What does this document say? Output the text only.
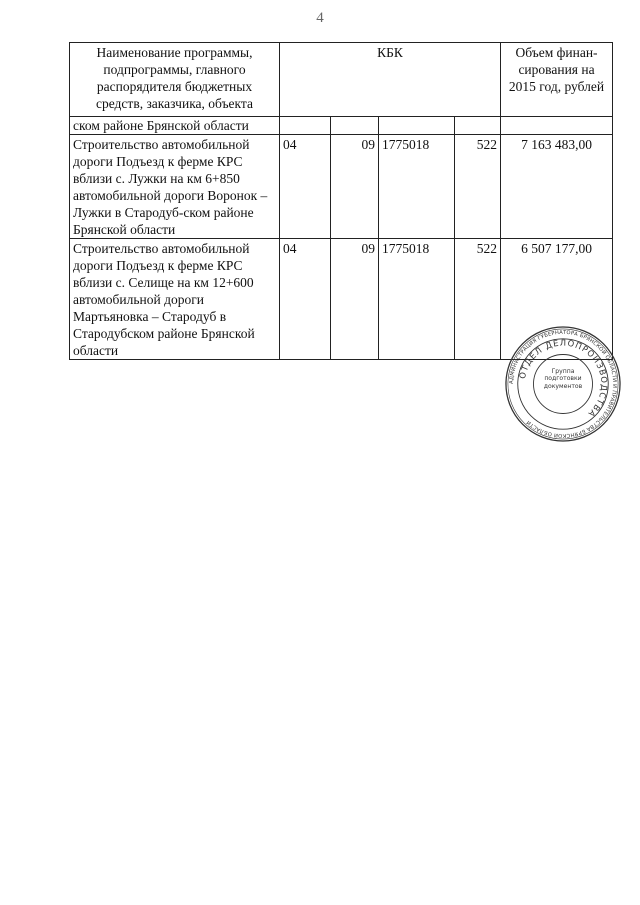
4
Наименование программы, подпрограммы, главного распорядителя бюджетных средств, заказчика, объекта	КБК				Объем финан-сирования на 2015 год, рублей
ском районе Брянской области					
Строительство автомобильной дороги Подъезд к ферме КРС вблизи с. Лужки на км 6+850 автомобильной дороги Воронок – Лужки в Стародуб-ском районе Брянской области	04	09	1775018	522	7 163 483,00
Строительство автомобильной дороги Подъезд к ферме КРС вблизи с. Селище на км 12+600 автомобильной дороги Мартьяновка – Стародуб в Стародубском районе Брянской области	04	09	1775018	522	6 507 177,00
АДМИНИСТРАЦИЯ ГУБЕРНАТОРА БРЯНСКОЙ ОБЛАСТИ И ПРАВИТЕЛЬСТВА БРЯНСКОЙ ОБЛАСТИ
ОТДЕЛ ДЕЛОПРОИЗВОДСТВА
Группа подготовки документов
